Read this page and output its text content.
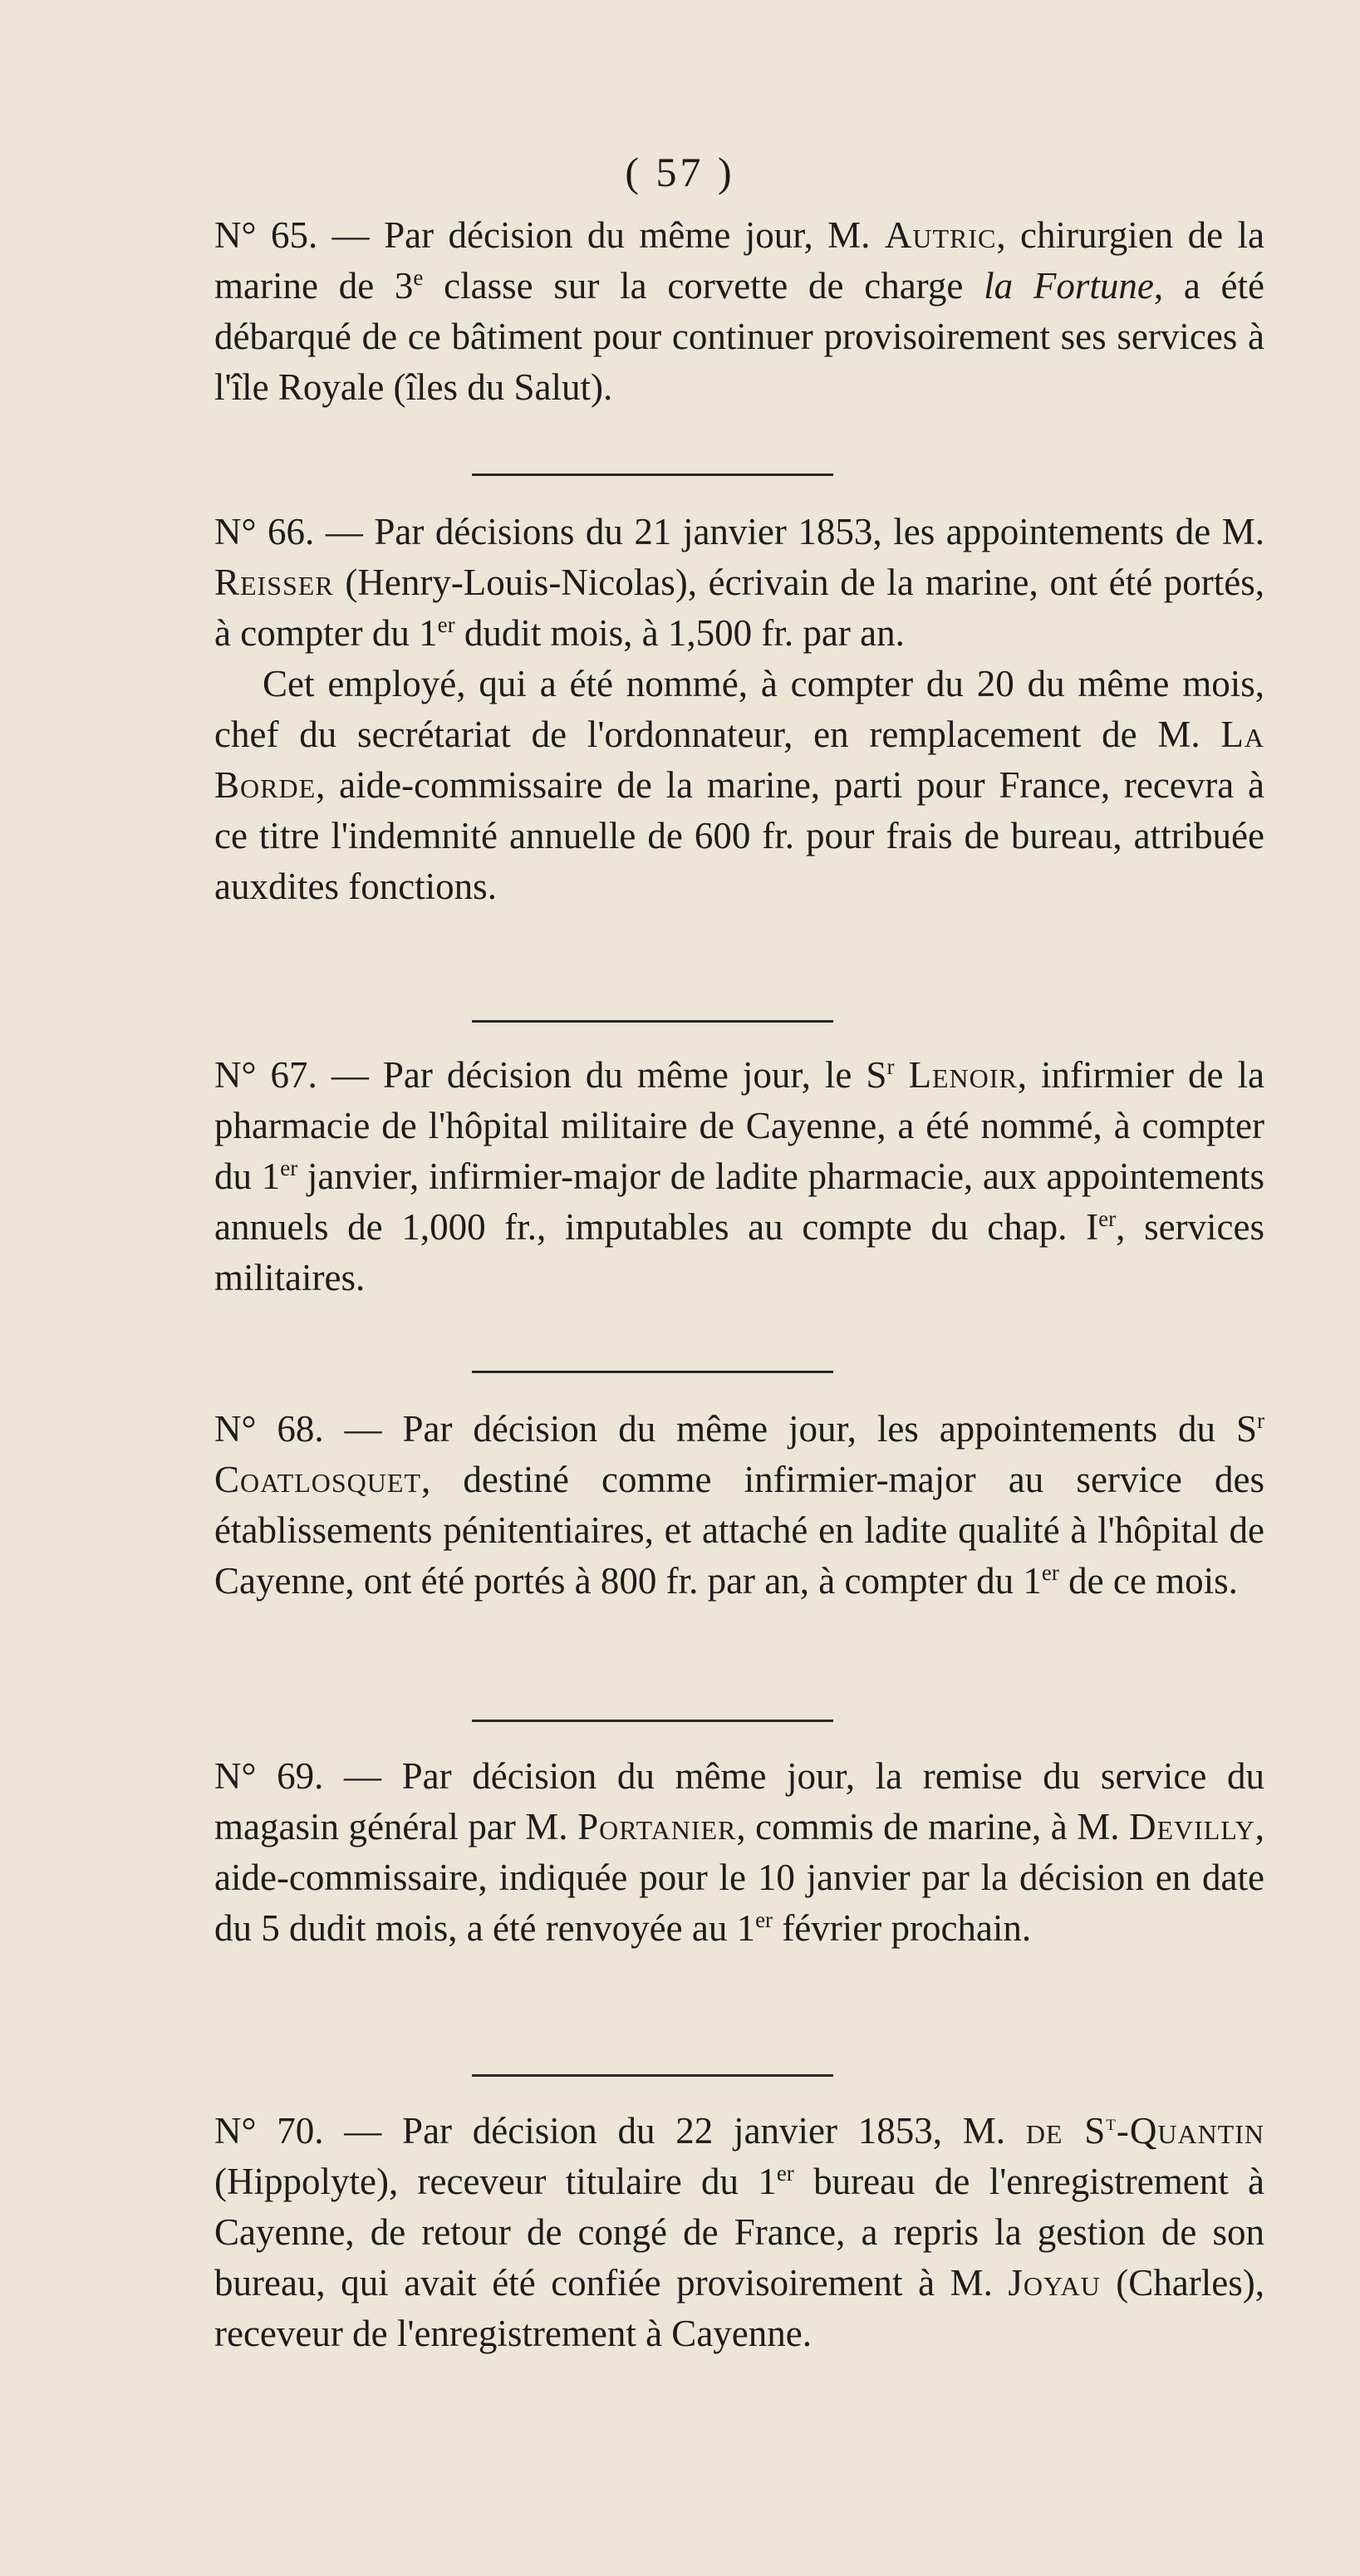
( 57 )

N° 65. — Par décision du même jour, M. Autric, chirurgien de la marine de 3e classe sur la corvette de charge la Fortune, a été débarqué de ce bâtiment pour continuer provisoirement ses services à l'île Royale (îles du Salut).

N° 66. — Par décisions du 21 janvier 1853, les appointements de M. Reisser (Henry-Louis-Nicolas), écrivain de la marine, ont été portés, à compter du 1er dudit mois, à 1,500 fr. par an.

Cet employé, qui a été nommé, à compter du 20 du même mois, chef du secrétariat de l'ordonnateur, en remplacement de M. La Borde, aide-commissaire de la marine, parti pour France, recevra à ce titre l'indemnité annuelle de 600 fr. pour frais de bureau, attribuée auxdites fonctions.

N° 67. — Par décision du même jour, le $S^r$ Lenoir, infirmier de la pharmacie de l'hôpital militaire de Cayenne, a été nommé, à compter du 1er janvier, infirmier-major de ladite pharmacie, aux appointements annuels de 1,000 fr., imputables au compte du chap. Ier, services militaires.

N° 68. — Par décision du même jour, les appointements du $S^r$ Coatlosquet, destiné comme infirmier-major au service des établissements pénitentiaires, et attaché en ladite qualité à l'hôpital de Cayenne, ont été portés à 800 fr. par an, à compter du 1er de ce mois.

N° 69. — Par décision du même jour, la remise du service du magasin général par M. Portanier, commis de marine, à M. Devilly, aide-commissaire, indiquée pour le 10 janvier par la décision en date du 5 dudit mois, a été renvoyée au 1er février prochain.

N° 70. — Par décision du 22 janvier 1853, M. de $S^t$-Quantin (Hippolyte), receveur titulaire du 1er bureau de l'enregistrement à Cayenne, de retour de congé de France, a repris la gestion de son bureau, qui avait été confiée provisoirement à M. Joyau (Charles), receveur de l'enregistrement à Cayenne.
